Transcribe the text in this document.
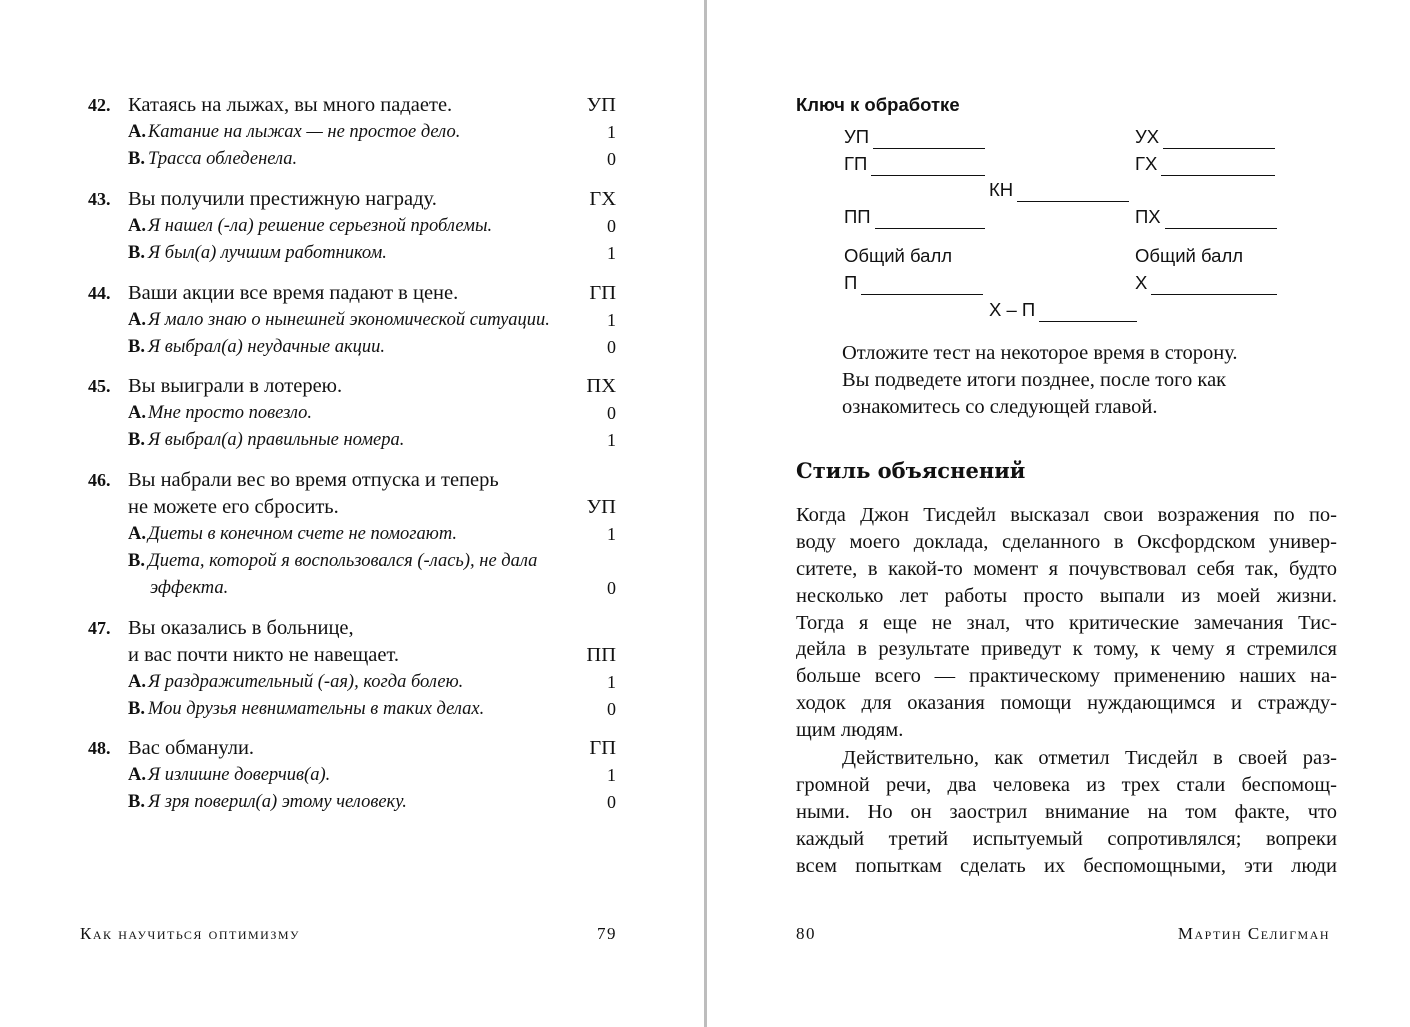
42. Катаясь на лыжах, вы много падаете.	УП
A. Катание на лыжах — не простое дело.	1
B. Трасса обледенела.	0
43. Вы получили престижную награду.	ГХ
A. Я нашел (-ла) решение серьезной проблемы.	0
B. Я был(а) лучшим работником.	1
44. Ваши акции все время падают в цене.	ГП
A. Я мало знаю о нынешней экономической ситуации.	1
B. Я выбрал(а) неудачные акции.	0
45. Вы выиграли в лотерею.	ПХ
A. Мне просто повезло.	0
B. Я выбрал(а) правильные номера.	1
46. Вы набрали вес во время отпуска и теперь
не можете его сбросить.	УП
A. Диеты в конечном счете не помогают.	1
B. Диета, которой я воспользовался (-лась), не дала
эффекта.	0
47. Вы оказались в больнице,
и вас почти никто не навещает.	ПП
A. Я раздражительный (-ая), когда болею.	1
B. Мои друзья невнимательны в таких делах.	0
48. Вас обманули.	ГП
A. Я излишне доверчив(а).	1
B. Я зря поверил(а) этому человеку.	0
Как научиться оптимизму	79
Ключ к обработке
УП	УХ
ГП	ГХ
КН
ПП	ПХ
Общий балл	Общий балл
П	Х
Х – П
Отложите тест на некоторое время в сторону.
Вы подведете итоги позднее, после того как
ознакомитесь со следующей главой.
Стиль объяснений
Когда Джон Тисдейл высказал свои возражения по по-
воду моего доклада, сделанного в Оксфордском универ-
ситете, в какой-то момент я почувствовал себя так, будто
несколько лет работы просто выпали из моей жизни.
Тогда я еще не знал, что критические замечания Тис-
дейла в результате приведут к тому, к чему я стремился
больше всего — практическому применению наших на-
ходок для оказания помощи нуждающимся и стражду-
щим людям.
Действительно, как отметил Тисдейл в своей раз-
громной речи, два человека из трех стали беспомощ-
ными. Но он заострил внимание на том факте, что
каждый третий испытуемый сопротивлялся; вопреки
всем попыткам сделать их беспомощными, эти люди
80	Мартин Селигман
